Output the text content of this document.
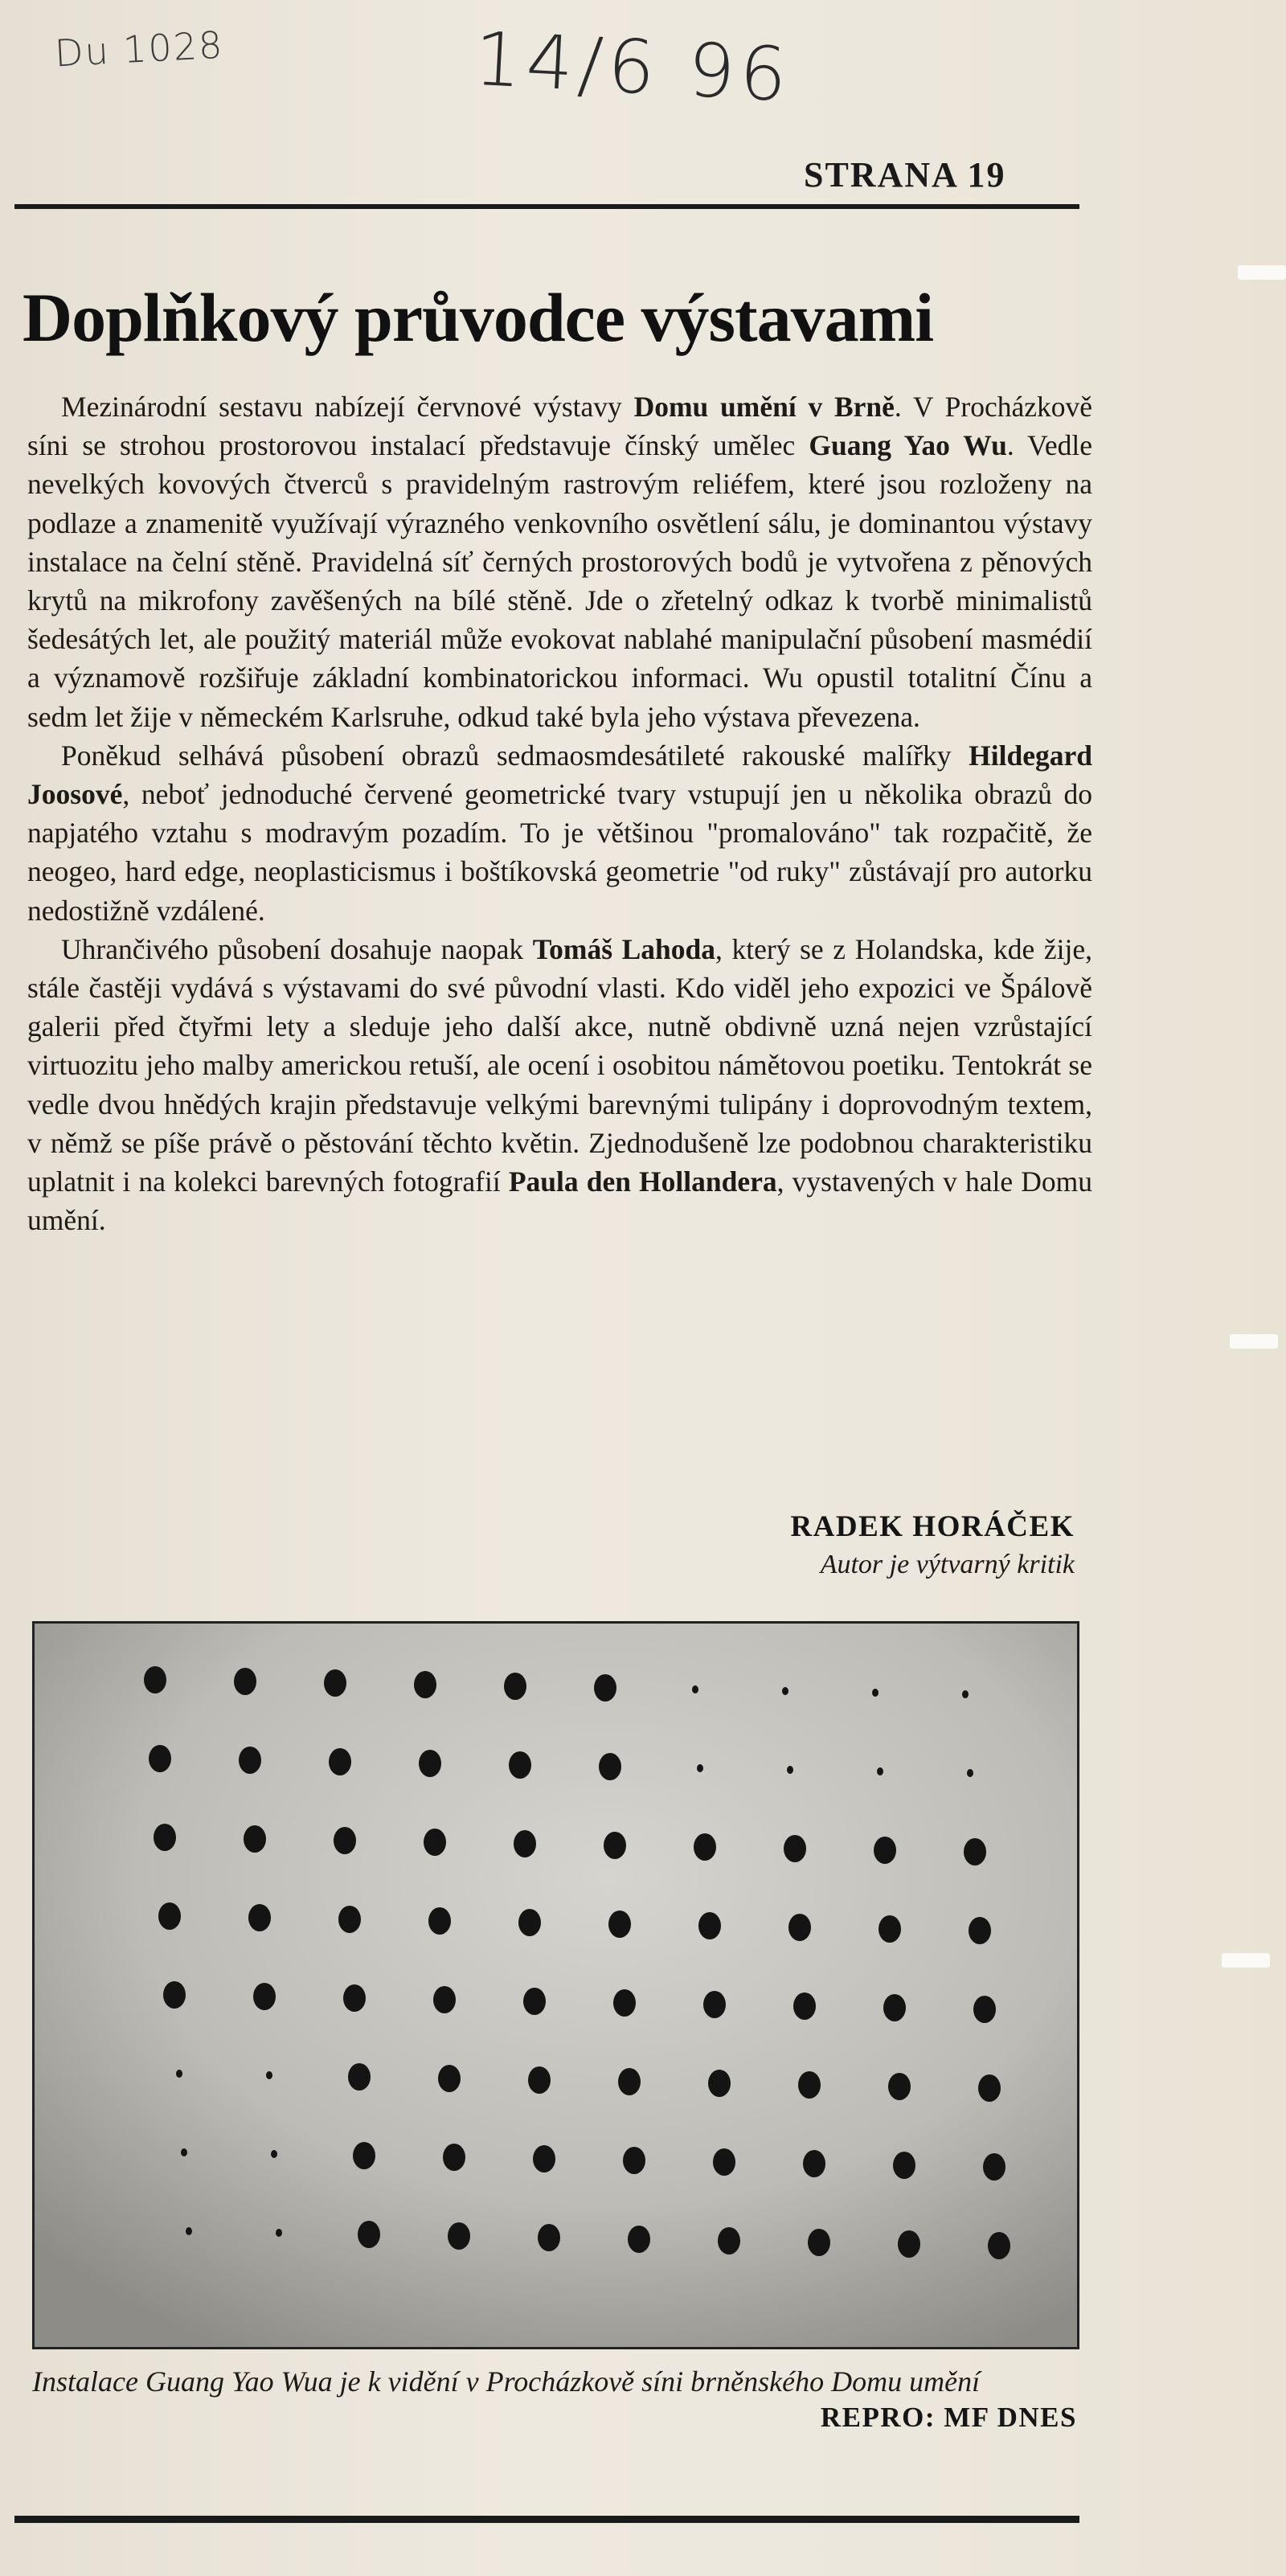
Du 1028	14/6 96
STRANA 19
Doplňkový průvodce výstavami

Mezinárodní sestavu nabízejí červnové výstavy Domu umění v Brně. V Procházkově síni se strohou prostorovou instalací představuje čínský umělec Guang Yao Wu. Vedle nevelkých kovových čtverců s pravidelným rastrovým reliéfem, které jsou rozloženy na podlaze a znamenitě využívají výrazného venkovního osvětlení sálu, je dominantou výstavy instalace na čelní stěně. Pravidelná síť černých prostorových bodů je vytvořena z pěnových krytů na mikrofony zavěšených na bílé stěně. Jde o zřetelný odkaz k tvorbě minimalistů šedesátých let, ale použitý materiál může evokovat nablahé manipulační působení masmédií a významově rozšiřuje základní kombinatorickou informaci. Wu opustil totalitní Čínu a sedm let žije v německém Karlsruhe, odkud také byla jeho výstava převezena.

Poněkud selhává působení obrazů sedmaosmdesátileté rakouské malířky Hildegard Joosové, neboť jednoduché červené geometrické tvary vstupují jen u několika obrazů do napjatého vztahu s modravým pozadím. To je většinou "promalováno" tak rozpačitě, že neogeo, hard edge, neoplasticismus i boštíkovská geometrie "od ruky" zůstávají pro autorku nedostižně vzdálené.

Uhrančivého působení dosahuje naopak Tomáš Lahoda, který se z Holandska, kde žije, stále častěji vydává s výstavami do své původní vlasti. Kdo viděl jeho expozici ve Špálově galerii před čtyřmi lety a sleduje jeho další akce, nutně obdivně uzná nejen vzrůstající virtuozitu jeho malby americkou retuší, ale ocení i osobitou námětovou poetiku. Tentokrát se vedle dvou hnědých krajin představuje velkými barevnými tulipány i doprovodným textem, v němž se píše právě o pěstování těchto květin. Zjednodušeně lze podobnou charakteristiku uplatnit i na kolekci barevných fotografií Paula den Hollandera, vystavených v hale Domu umění.

RADEK HORÁČEK
Autor je výtvarný kritik
Instalace Guang Yao Wua je k vidění v Procházkově síni brněnského Domu umění
REPRO: MF DNES
